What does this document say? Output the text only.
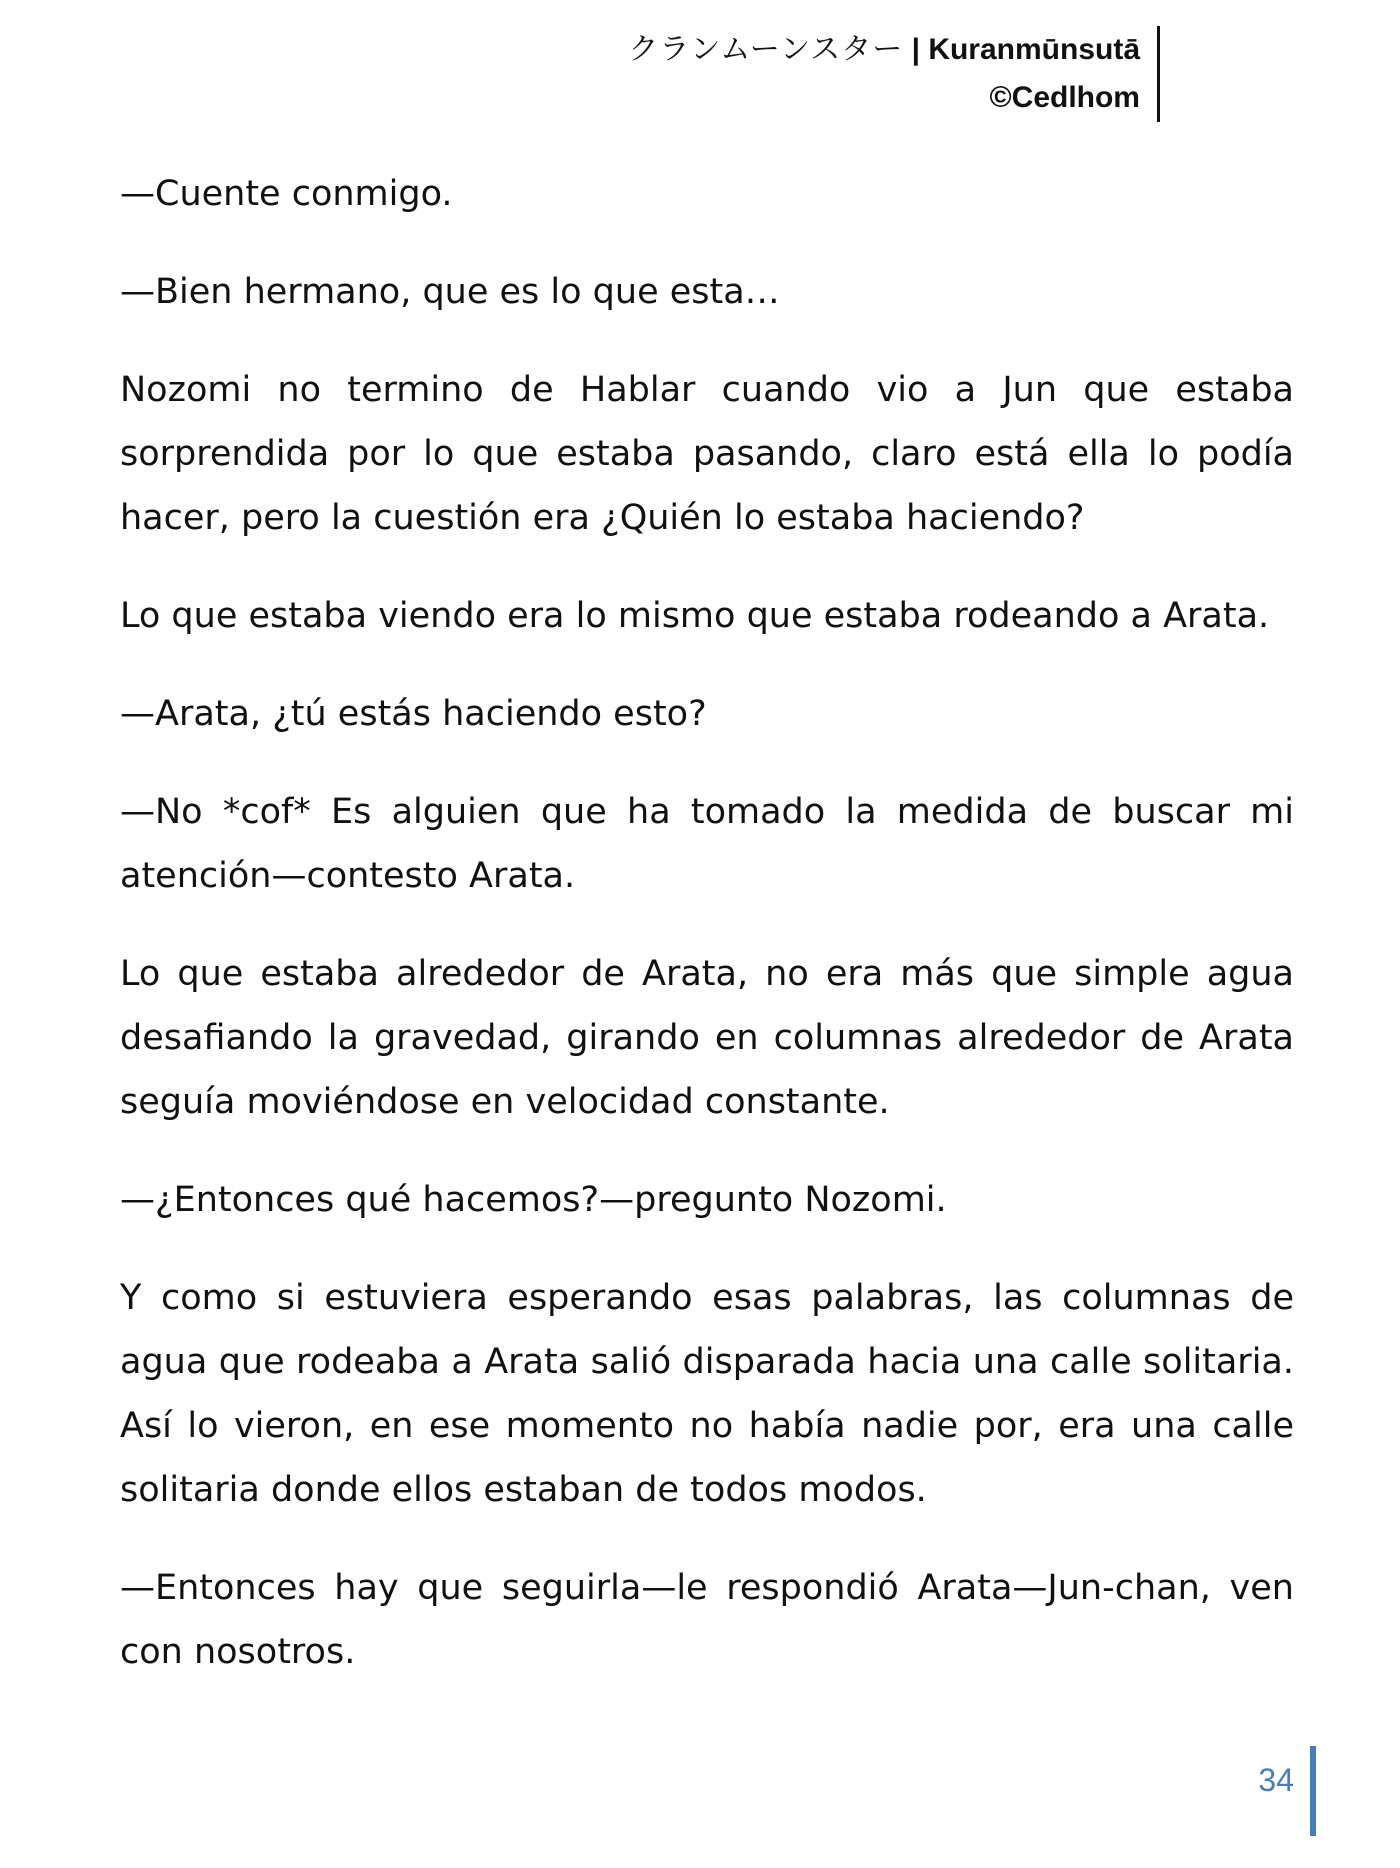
クランムーンスター | Kuranmūnsutā
©Cedlhom

—Cuente conmigo.

—Bien hermano, que es lo que esta…

Nozomi no termino de Hablar cuando vio a Jun que estaba sorprendida por lo que estaba pasando, claro está ella lo podía hacer, pero la cuestión era ¿Quién lo estaba haciendo?

Lo que estaba viendo era lo mismo que estaba rodeando a Arata.

—Arata, ¿tú estás haciendo esto?

—No *cof* Es alguien que ha tomado la medida de buscar mi atención—contesto Arata.

Lo que estaba alrededor de Arata, no era más que simple agua desafiando la gravedad, girando en columnas alrededor de Arata seguía moviéndose en velocidad constante.

—¿Entonces qué hacemos?—pregunto Nozomi.

Y como si estuviera esperando esas palabras, las columnas de agua que rodeaba a Arata salió disparada hacia una calle solitaria. Así lo vieron, en ese momento no había nadie por, era una calle solitaria donde ellos estaban de todos modos.

—Entonces hay que seguirla—le respondió Arata—Jun-chan, ven con nosotros.

34
